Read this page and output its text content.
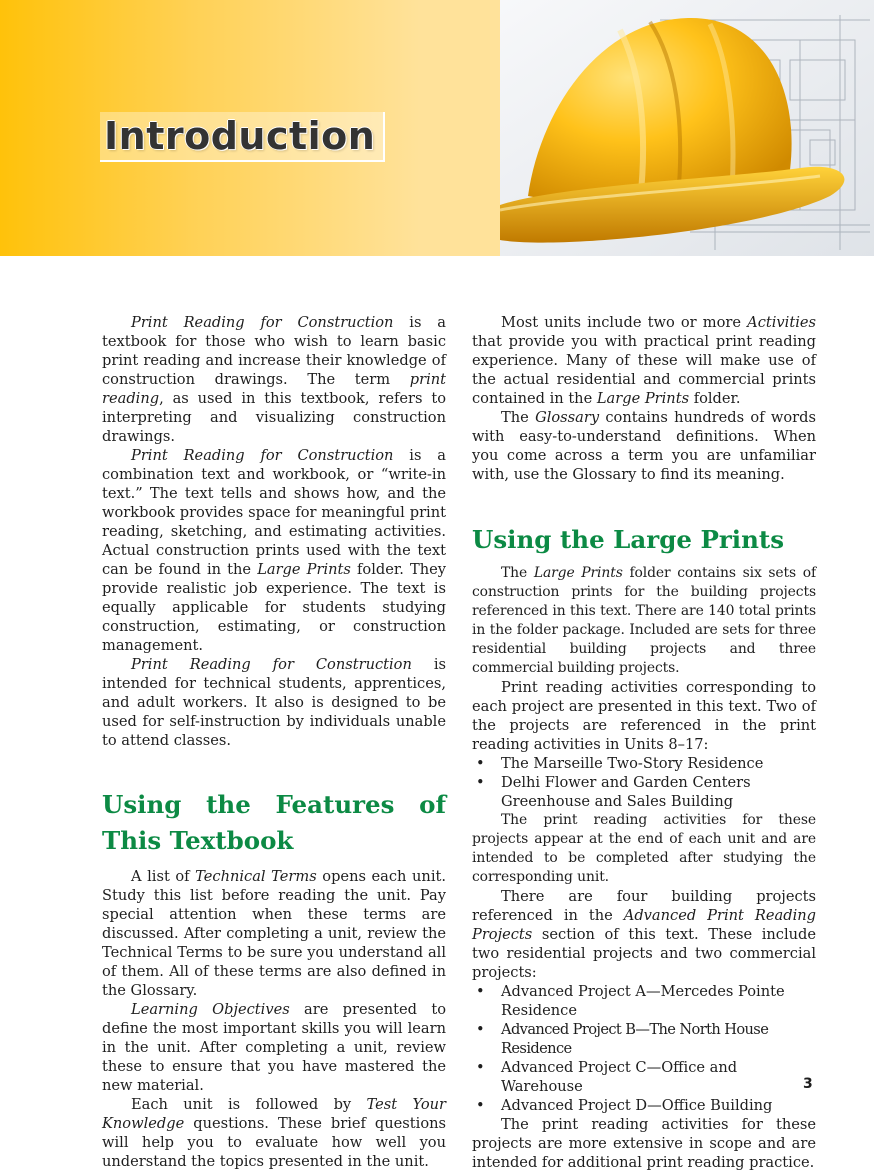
Introduction

Print Reading for Construction is a textbook for those who wish to learn basic print reading and increase their knowledge of construction drawings. The term print reading, as used in this textbook, refers to interpreting and visualizing construction drawings.

Print Reading for Construction is a combination text and workbook, or “write-in text.” The text tells and shows how, and the workbook provides space for meaningful print reading, sketching, and estimating activities. Actual construction prints used with the text can be found in the Large Prints folder. They provide realistic job experience. The text is equally applicable for students studying construction, estimating, or construction management.

Print Reading for Construction is intended for technical students, apprentices, and adult workers. It also is designed to be used for self-instruction by individuals unable to attend classes.

Using the Features of This Textbook

A list of Technical Terms opens each unit. Study this list before reading the unit. Pay special attention when these terms are discussed. After completing a unit, review the Technical Terms to be sure you understand all of them. All of these terms are also defined in the Glossary.

Learning Objectives are presented to define the most important skills you will learn in the unit. After completing a unit, review these to ensure that you have mastered the new material.

Each unit is followed by Test Your Knowledge questions. These brief questions will help you to evaluate how well you understand the topics presented in the unit.

Most units include two or more Activities that provide you with practical print reading experience. Many of these will make use of the actual residential and commercial prints contained in the Large Prints folder.

The Glossary contains hundreds of words with easy-to-understand definitions. When you come across a term you are unfamiliar with, use the Glossary to find its meaning.

Using the Large Prints

The Large Prints folder contains six sets of construction prints for the building projects referenced in this text. There are 140 total prints in the folder package. Included are sets for three residential building projects and three commercial building projects.

Print reading activities corresponding to each project are presented in this text. Two of the projects are referenced in the print reading activities in Units 8–17:

• The Marseille Two-Story Residence
• Delhi Flower and Garden Centers Greenhouse and Sales Building

The print reading activities for these projects appear at the end of each unit and are intended to be completed after studying the corresponding unit.

There are four building projects referenced in the Advanced Print Reading Projects section of this text. These include two residential projects and two commercial projects:

• Advanced Project A—Mercedes Pointe Residence
• Advanced Project B—The North House Residence
• Advanced Project C—Office and Warehouse
• Advanced Project D—Office Building

The print reading activities for these projects are more extensive in scope and are intended for additional print reading practice.

3
